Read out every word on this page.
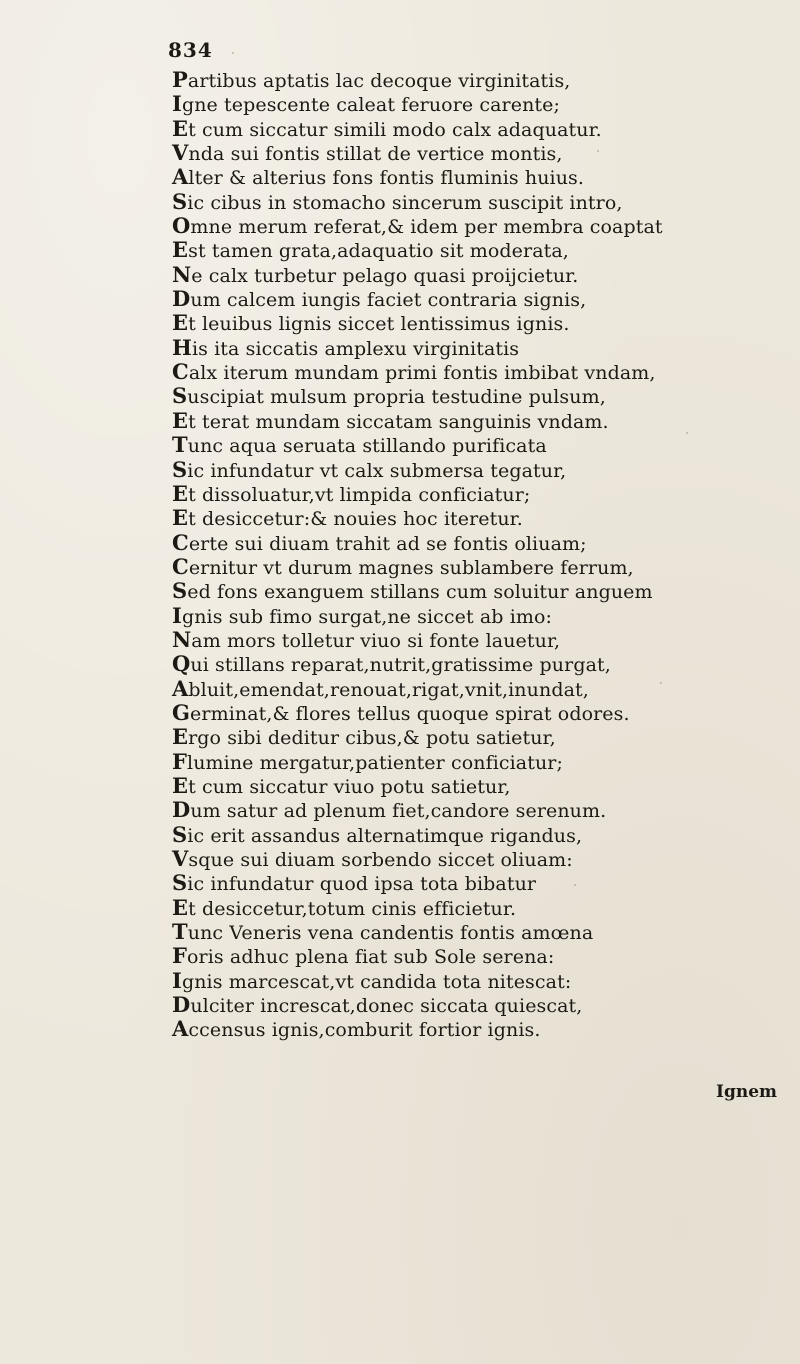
834
Partibus aptatis lac decoque virginitatis,
Igne tepescente caleat feruore carente;
Et cum siccatur simili modo calx adaquatur.
Vnda sui fontis stillat de vertice montis,
Alter & alterius fons fontis fluminis huius.
Sic cibus in stomacho sincerum suscipit intro,
Omne merum referat,& idem per membra coaptat
Est tamen grata,adaquatio sit moderata,
Ne calx turbetur pelago quasi proijcietur.
Dum calcem iungis faciet contraria signis,
Et leuibus lignis siccet lentissimus ignis.
His ita siccatis amplexu virginitatis
Calx iterum mundam primi fontis imbibat vndam,
Suscipiat mulsum propria testudine pulsum,
Et terat mundam siccatam sanguinis vndam.
Tunc aqua seruata stillando purificata
Sic infundatur vt calx submersa tegatur,
Et dissoluatur,vt limpida conficiatur;
Et desiccetur:& nouies hoc iteretur.
Certe sui diuam trahit ad se fontis oliuam;
Cernitur vt durum magnes sublambere ferrum,
Sed fons exanguem stillans cum soluitur anguem
Ignis sub fimo surgat,ne siccet ab imo:
Nam mors tolletur viuo si fonte lauetur,
Qui stillans reparat,nutrit,gratissime purgat,
Abluit,emendat,renouat,rigat,vnit,inundat,
Germinat,& flores tellus quoque spirat odores.
Ergo sibi deditur cibus,& potu satietur,
Flumine mergatur,patienter conficiatur;
Et cum siccatur viuo potu satietur,
Dum satur ad plenum fiet,candore serenum.
Sic erit assandus alternatimque rigandus,
Vsque sui diuam sorbendo siccet oliuam:
Sic infundatur quod ipsa tota bibatur
Et desiccetur,totum cinis efficietur.
Tunc Veneris vena candentis fontis amœna
Foris adhuc plena fiat sub Sole serena:
Ignis marcescat,vt candida tota nitescat:
Dulciter increscat,donec siccata quiescat,
Accensus ignis,comburit fortior ignis.
Ignem
